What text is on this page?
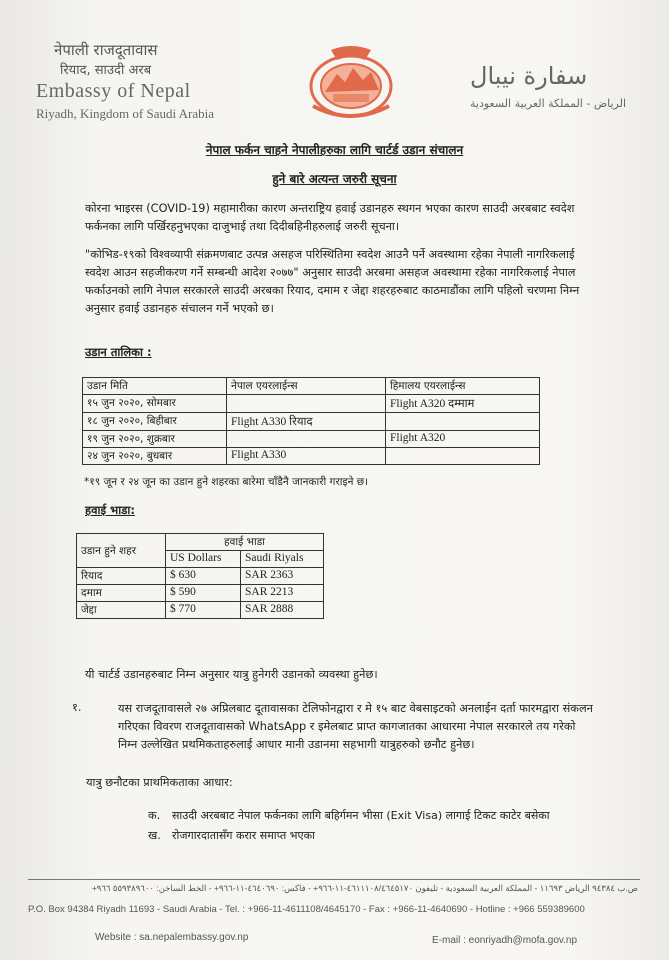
नेपाली राजदूतावास
रियाद, साउदी अरब
Embassy of Nepal
Riyadh, Kingdom of Saudi Arabia
سفارة نيبال
الرياض - المملكة العربية السعودية
नेपाल फर्कन चाहने नेपालीहरुका लागि चार्टर्ड उडान संचालन
हुने बारे अत्यन्त जरुरी सूचना
कोरना भाइरस (COVID-19) महामारीका कारण अन्तराष्ट्रिय हवाई उडानहरु स्थगन भएका कारण साउदी अरबबाट स्वदेश फर्कनका लागि पर्खिरहनुभएका दाजुभाई तथा दिदीबहिनीहरुलाई जरुरी सूचना।
"कोभिड-१९को विश्वव्यापी संक्रमणबाट उत्पन्न असहज परिस्थितिमा स्वदेश आउनै पर्ने अवस्थामा रहेका नेपाली नागरिकलाई स्वदेश आउन सहजीकरण गर्ने सम्बन्धी आदेश २०७७" अनुसार साउदी अरबमा असहज अवस्थामा रहेका नागरिकलाई नेपाल फर्काउनको लागि नेपाल सरकारले साउदी अरबका रियाद, दमाम र जेद्दा शहरहरुबाट काठमाडौंका लागि पहिलो चरणमा निम्न अनुसार हवाई उडानहरु संचालन गर्ने भएको छ।
उडान तालिका :
उडान मिति	नेपाल एयरलाईन्स	हिमालय एयरलाईन्स
१५ जुन २०२०, सोमबार		Flight A320 दम्माम
१८ जुन २०२०, बिहीबार	Flight A330 रियाद	
१९ जुन २०२०, शुक्रबार		Flight A320
२४ जुन २०२०, बुधबार	Flight A330	
*१९ जून र २४ जून का उडान हुने शहरका बारेमा चाँडैनै जानकारी गराइने छ।
हवाई भाडा:
उडान हुने शहर	हवाई भाडा	
	US Dollars	Saudi Riyals
रियाद	$ 630	SAR 2363
दमाम	$ 590	SAR 2213
जेद्दा	$ 770	SAR 2888
यी चार्टर्ड उडानहरुबाट निम्न अनुसार यात्रु हुनेगरी उडानको व्यवस्था हुनेछ।
१.	यस राजदूतावासले २७ अप्रिलबाट दूतावासका टेलिफोनद्वारा र मे १५ बाट वेबसाइटको अनलाईन दर्ता फारमद्वारा संकलन गरिएका विवरण राजदूतावासको WhatsApp र इमेलबाट प्राप्त कागजातका आधारमा नेपाल सरकारले तय गरेको निम्न उल्लेखित प्रथमिकताहरुलाई आधार मानी उडानमा सहभागी यात्रुहरुको छनौट हुनेछ।
यात्रु छनौटका प्राथमिकताका आधार:
क. साउदी अरबबाट नेपाल फर्कनका लागि बहिर्गमन भीसा (Exit Visa) लागाई टिकट काटेर बसेका
ख. रोजगारदातासँग करार समाप्त भएका
ص.ب ٩٤٣٨٤ الرياض ١١٦٩٣ - المملكة العربية السعودية - تليفون ٤٦١١١٠٨/٤٦٤٥١٧٠-١١-٩٦٦+ - فاكس: ٤٦٤٠٦٩٠-١١-٩٦٦+ - الخط الساخن: ٥٥٩٣٨٩٦٠٠ ٩٦٦+
P.O. Box 94384 Riyadh 11693 - Saudi Arabia - Tel. : +966-11-4611108/4645170 - Fax : +966-11-4640690 - Hotline : +966 559389600
Website : sa.nepalembassy.gov.np	E-mail : eonriyadh@mofa.gov.np
